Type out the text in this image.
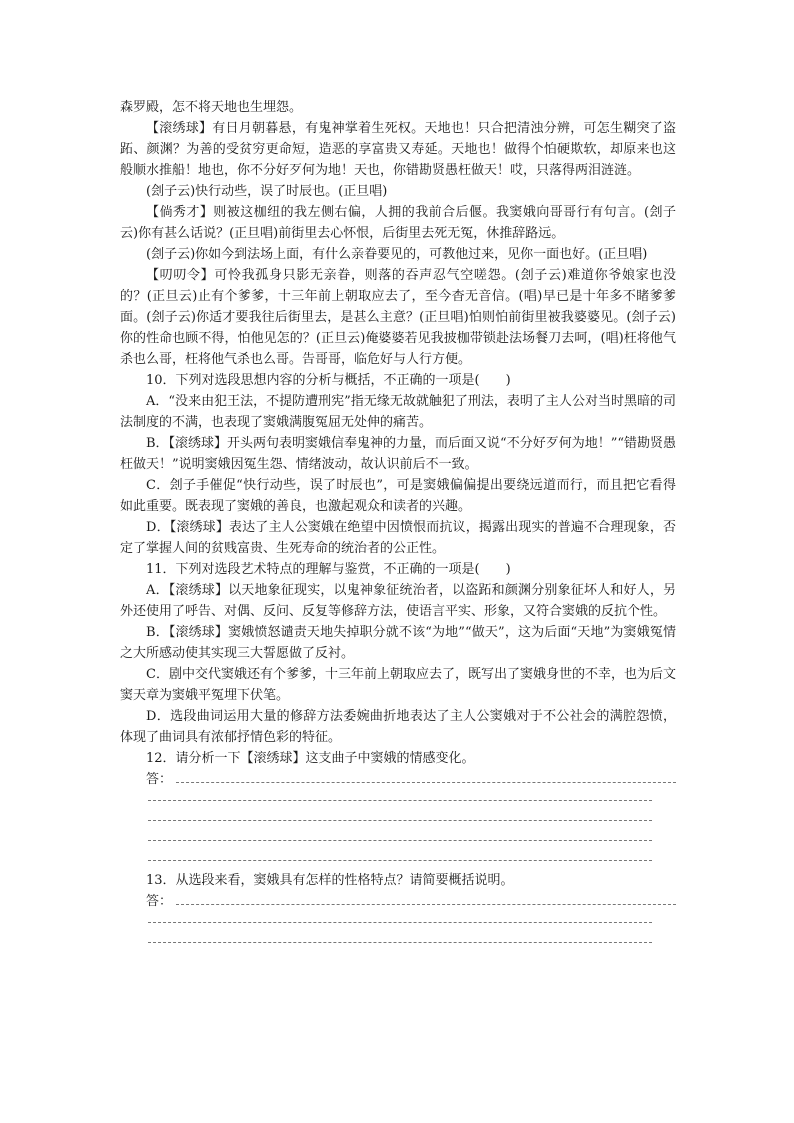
森罗殿，怎不将天地也生埋怨。

【滚绣球】有日月朝暮悬，有鬼神掌着生死权。天地也！只合把清浊分辨，可怎生糊突了盗跖、颜渊？为善的受贫穷更命短，造恶的享富贵又寿延。天地也！做得个怕硬欺软，却原来也这般顺水推船！地也，你不分好歹何为地！天也，你错勘贤愚枉做天！哎，只落得两泪涟涟。

(刽子云)快行动些，误了时辰也。(正旦唱)

【倘秀才】则被这枷纽的我左侧右偏，人拥的我前合后偃。我窦娥向哥哥行有句言。(刽子云)你有甚么话说？(正旦唱)前街里去心怀恨，后街里去死无冤，休推辞路远。

(刽子云)你如今到法场上面，有什么亲眷要见的，可教他过来，见你一面也好。(正旦唱)

【叨叨令】可怜我孤身只影无亲眷，则落的吞声忍气空嗟怨。(刽子云)难道你爷娘家也没的？(正旦云)止有个爹爹，十三年前上朝取应去了，至今杳无音信。(唱)早已是十年多不睹爹爹面。(刽子云)你适才要我往后街里去，是甚么主意？(正旦唱)怕则怕前街里被我婆婆见。(刽子云)你的性命也顾不得，怕他见怎的？(正旦云)俺婆婆若见我披枷带锁赴法场餐刀去呵，(唱)枉将他气杀也么哥，枉将他气杀也么哥。告哥哥，临危好与人行方便。

10．下列对选段思想内容的分析与概括，不正确的一项是(　　)

A．“没来由犯王法，不提防遭刑宪”指无缘无故就触犯了刑法，表明了主人公对当时黑暗的司法制度的不满，也表现了窦娥满腹冤屈无处伸的痛苦。

B．【滚绣球】开头两句表明窦娥信奉鬼神的力量，而后面又说“不分好歹何为地！”“错勘贤愚枉做天！”说明窦娥因冤生怨、情绪波动，故认识前后不一致。

C．刽子手催促“快行动些，误了时辰也”，可是窦娥偏偏提出要绕远道而行，而且把它看得如此重要。既表现了窦娥的善良，也激起观众和读者的兴趣。

D．【滚绣球】表达了主人公窦娥在绝望中因愤恨而抗议，揭露出现实的普遍不合理现象，否定了掌握人间的贫贱富贵、生死寿命的统治者的公正性。

11．下列对选段艺术特点的理解与鉴赏，不正确的一项是(　　)

A．【滚绣球】以天地象征现实，以鬼神象征统治者，以盗跖和颜渊分别象征坏人和好人，另外还使用了呼告、对偶、反问、反复等修辞方法，使语言平实、形象，又符合窦娥的反抗个性。

B．【滚绣球】窦娥愤怒谴责天地失掉职分就不该“为地”“做天”，这为后面“天地”为窦娥冤情之大所感动使其实现三大誓愿做了反衬。

C．剧中交代窦娥还有个爹爹，十三年前上朝取应去了，既写出了窦娥身世的不幸，也为后文窦天章为窦娥平冤埋下伏笔。

D．选段曲词运用大量的修辞方法委婉曲折地表达了主人公窦娥对于不公社会的满腔怨愤，体现了曲词具有浓郁抒情色彩的特征。

12．请分析一下【滚绣球】这支曲子中窦娥的情感变化。

答：

13．从选段来看，窦娥具有怎样的性格特点？请简要概括说明。

答：
